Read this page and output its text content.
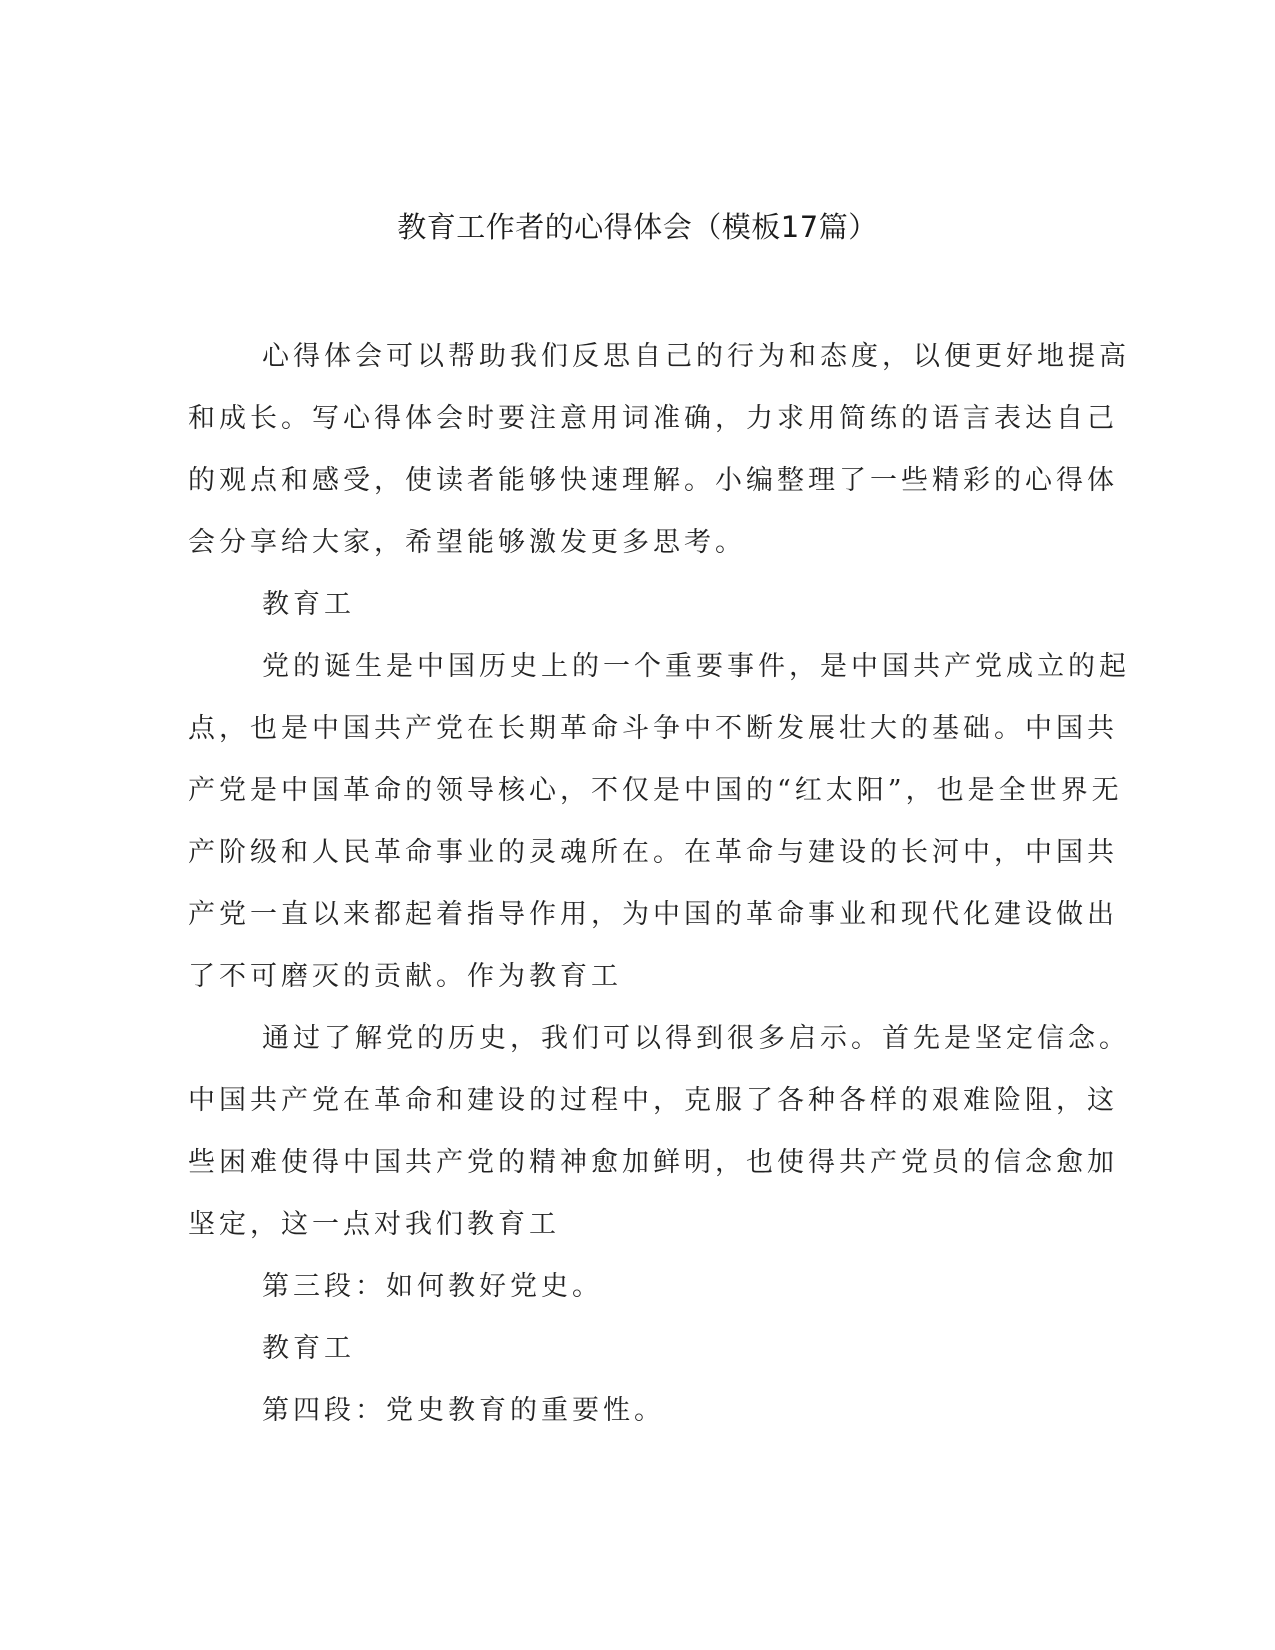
教育工作者的心得体会（模板17篇）
心得体会可以帮助我们反思自己的行为和态度，以便更好地提高
和成长。写心得体会时要注意用词准确，力求用简练的语言表达自己
的观点和感受，使读者能够快速理解。小编整理了一些精彩的心得体
会分享给大家，希望能够激发更多思考。
教育工
党的诞生是中国历史上的一个重要事件，是中国共产党成立的起
点，也是中国共产党在长期革命斗争中不断发展壮大的基础。中国共
产党是中国革命的领导核心，不仅是中国的“红太阳”，也是全世界无
产阶级和人民革命事业的灵魂所在。在革命与建设的长河中，中国共
产党一直以来都起着指导作用，为中国的革命事业和现代化建设做出
了不可磨灭的贡献。作为教育工
通过了解党的历史，我们可以得到很多启示。首先是坚定信念。
中国共产党在革命和建设的过程中，克服了各种各样的艰难险阻，这
些困难使得中国共产党的精神愈加鲜明，也使得共产党员的信念愈加
坚定，这一点对我们教育工
第三段：如何教好党史。
教育工
第四段：党史教育的重要性。
